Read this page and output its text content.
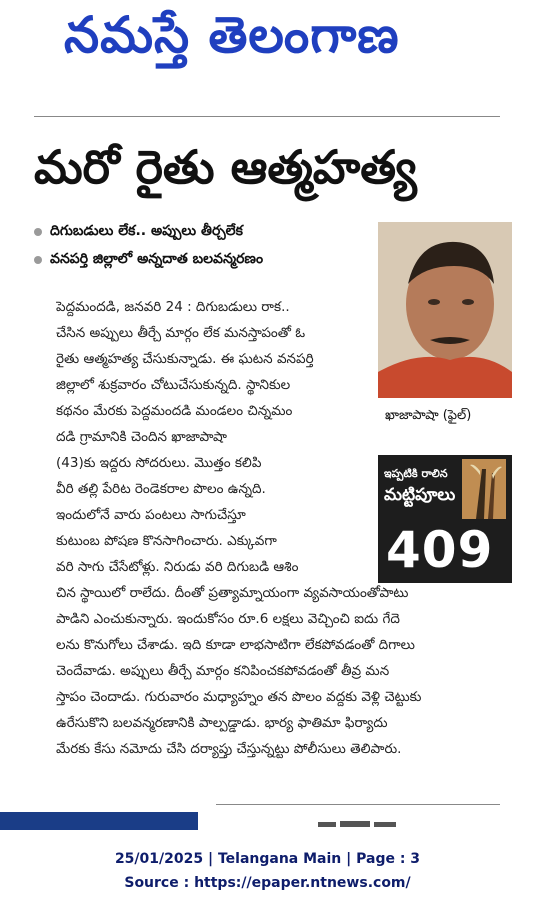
నమస్తే తెలంగాణ
మరో రైతు ఆత్మహత్య
దిగుబడులు లేక.. అప్పులు తీర్చలేక
వనపర్తి జిల్లాలో అన్నదాత బలవన్మరణం
ఖాజాపాషా (ఫైల్)
ఇప్పటికి రాలిన
మట్టిపూలు
409
పెద్దమందడి, జనవరి 24 : దిగుబడులు రాక..
చేసిన అప్పులు తీర్చే మార్గం లేక మనస్తాపంతో ఓ
రైతు ఆత్మహత్య చేసుకున్నాడు. ఈ ఘటన వనపర్తి
జిల్లాలో శుక్రవారం చోటుచేసుకున్నది. స్థానికుల
కథనం మేరకు పెద్దమందడి మండలం చిన్నమం
దడి గ్రామానికి చెందిన ఖాజాపాషా
(43)కు ఇద్దరు సోదరులు. మొత్తం కలిపి
వీరి తల్లి పేరిట రెండెకరాల పొలం ఉన్నది.
ఇందులోనే వారు పంటలు సాగుచేస్తూ
కుటుంబ పోషణ కొనసాగించారు. ఎక్కువగా
వరి సాగు చేసేటోళ్లు. నిరుడు వరి దిగుబడి ఆశిం
చిన స్థాయిలో రాలేదు. దీంతో ప్రత్యామ్నాయంగా వ్యవసాయంతోపాటు
పాడిని ఎంచుకున్నారు. ఇందుకోసం రూ.6 లక్షలు వెచ్చించి ఐదు గేదె
లను కొనుగోలు చేశాడు. ఇది కూడా లాభసాటిగా లేకపోవడంతో దిగాలు
చెందేవాడు. అప్పులు తీర్చే మార్గం కనిపించకపోవడంతో తీవ్ర మన
స్తాపం చెందాడు. గురువారం మధ్యాహ్నం తన పొలం వద్దకు వెళ్లి చెట్టుకు
ఉరేసుకొని బలవన్మరణానికి పాల్పడ్డాడు. భార్య ఫాతిమా ఫిర్యాదు
మేరకు కేసు నమోదు చేసి దర్యాప్తు చేస్తున్నట్టు పోలీసులు తెలిపారు.
25/01/2025 | Telangana Main | Page : 3
Source : https://epaper.ntnews.com/
